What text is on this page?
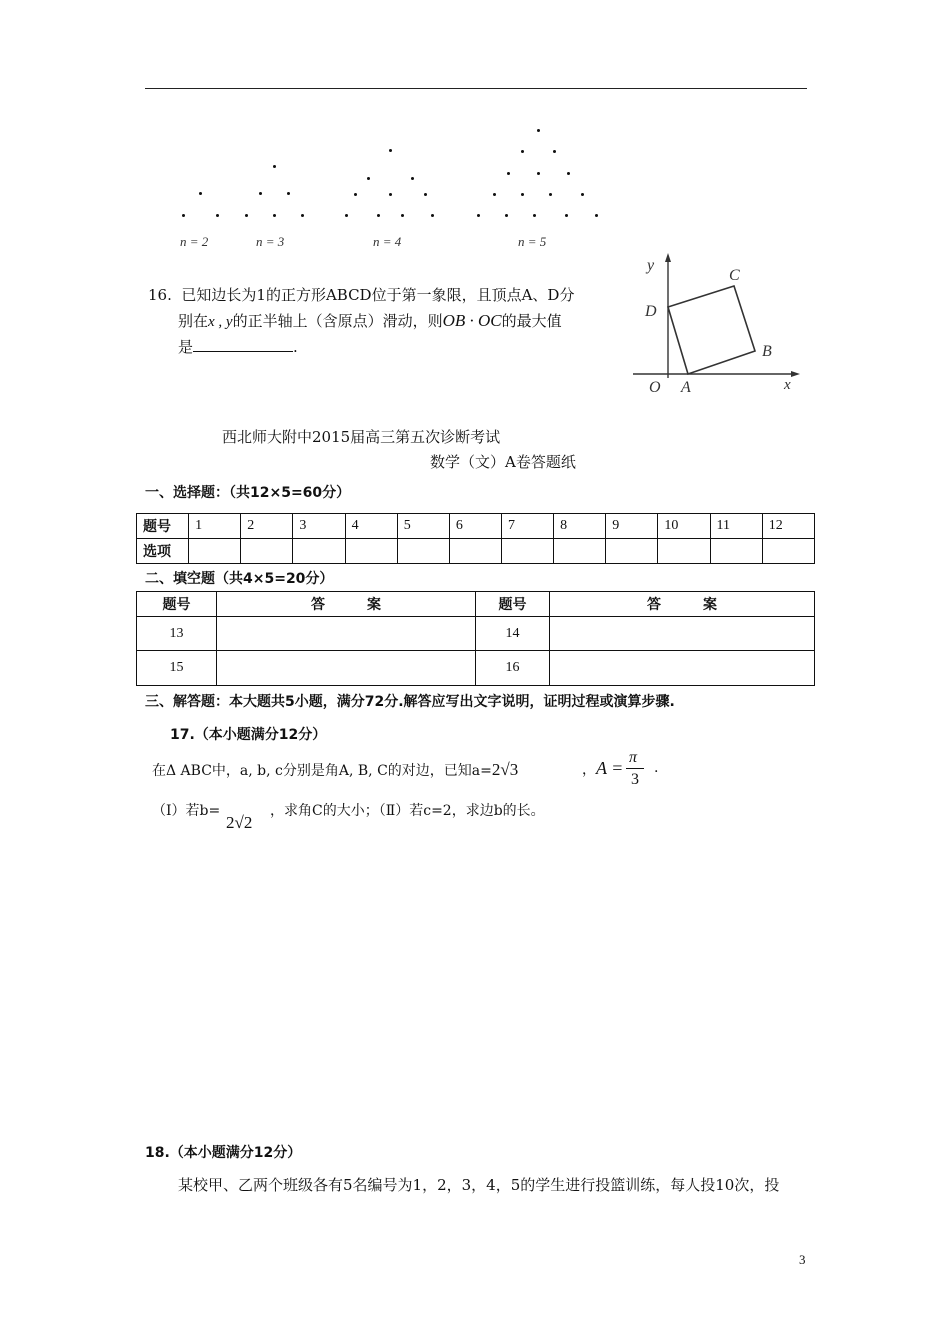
n = 2	n = 3	n = 4	n = 5
16. 已知边长为1的正方形ABCD位于第一象限，且顶点A、D分
别在x , y的正半轴上（含原点）滑动，则OB · OC的最大值
是	.
y
x
O A
B
C
D
西北师大附中2015届高三第五次诊断考试
数学（文）A卷答题纸
一、选择题：（共12×5=60分）
题号	1	2	3	4	5	6	7	8	9	10	11	12
选项												
二、填空题（共4×5=20分）
题号	答　　　案	题号	答　　　案
13		14	
15		16	
三、解答题：本大题共5小题，满分72分.解答应写出文字说明，证明过程或演算步骤.
17.（本小题满分12分）
在Δ ABC中，a, b, c分别是角A, B, C的对边，已知a=2√3	，A =
π
3
.
（Ⅰ）若b=
2√2
，求角C的大小；（Ⅱ）若c=2，求边b的长。
18.（本小题满分12分）
某校甲、乙两个班级各有5名编号为1，2，3，4，5的学生进行投篮训练，每人投10次，投
3
